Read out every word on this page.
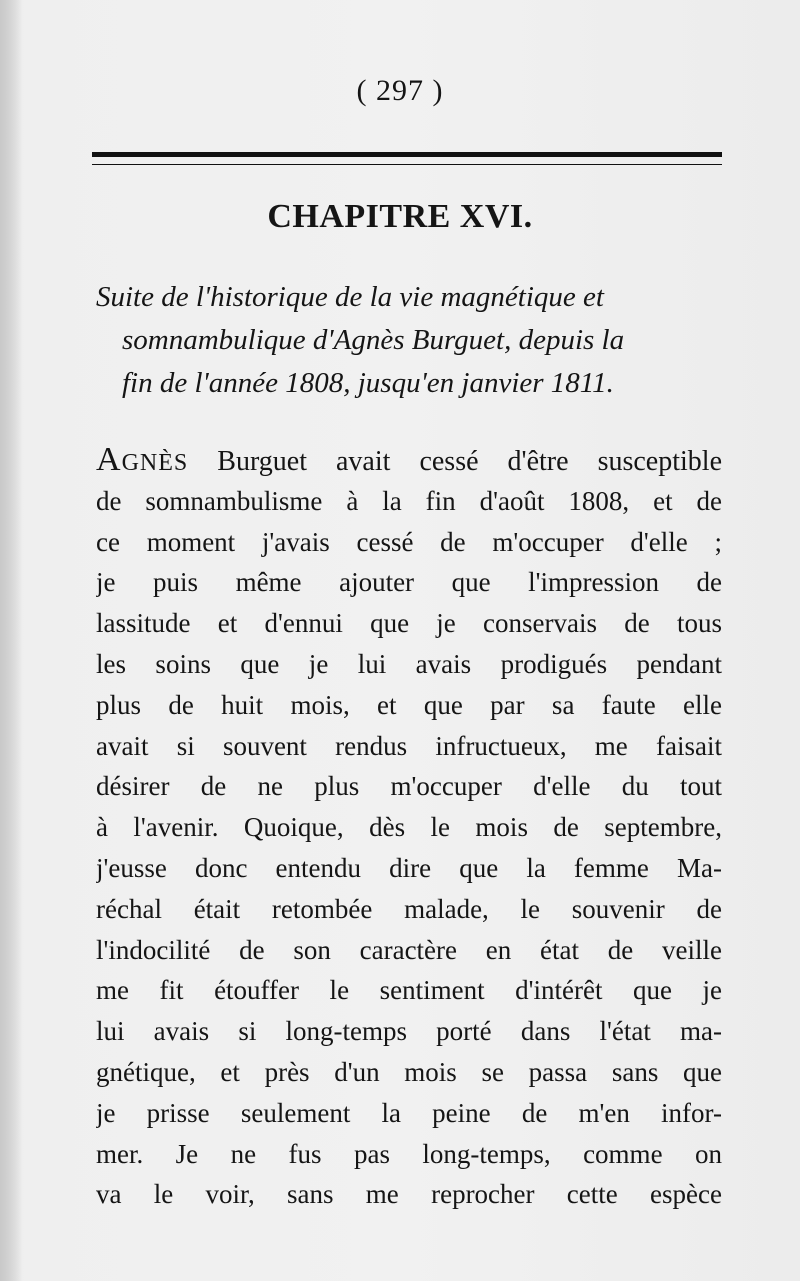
( 297 )
CHAPITRE XVI.
Suite de l'historique de la vie magnétique et
somnambulique d'Agnès Burguet, depuis la
fin de l'année 1808, jusqu'en janvier 1811.
AGNÈS Burguet avait cessé d'être susceptible
de somnambulisme à la fin d'août 1808, et de
ce moment j'avais cessé de m'occuper d'elle ;
je puis même ajouter que l'impression de
lassitude et d'ennui que je conservais de tous
les soins que je lui avais prodigués pendant
plus de huit mois, et que par sa faute elle
avait si souvent rendus infructueux, me faisait
désirer de ne plus m'occuper d'elle du tout
à l'avenir. Quoique, dès le mois de septembre,
j'eusse donc entendu dire que la femme Ma-
réchal était retombée malade, le souvenir de
l'indocilité de son caractère en état de veille
me fit étouffer le sentiment d'intérêt que je
lui avais si long-temps porté dans l'état ma-
gnétique, et près d'un mois se passa sans que
je prisse seulement la peine de m'en infor-
mer. Je ne fus pas long-temps, comme on
va le voir, sans me reprocher cette espèce
